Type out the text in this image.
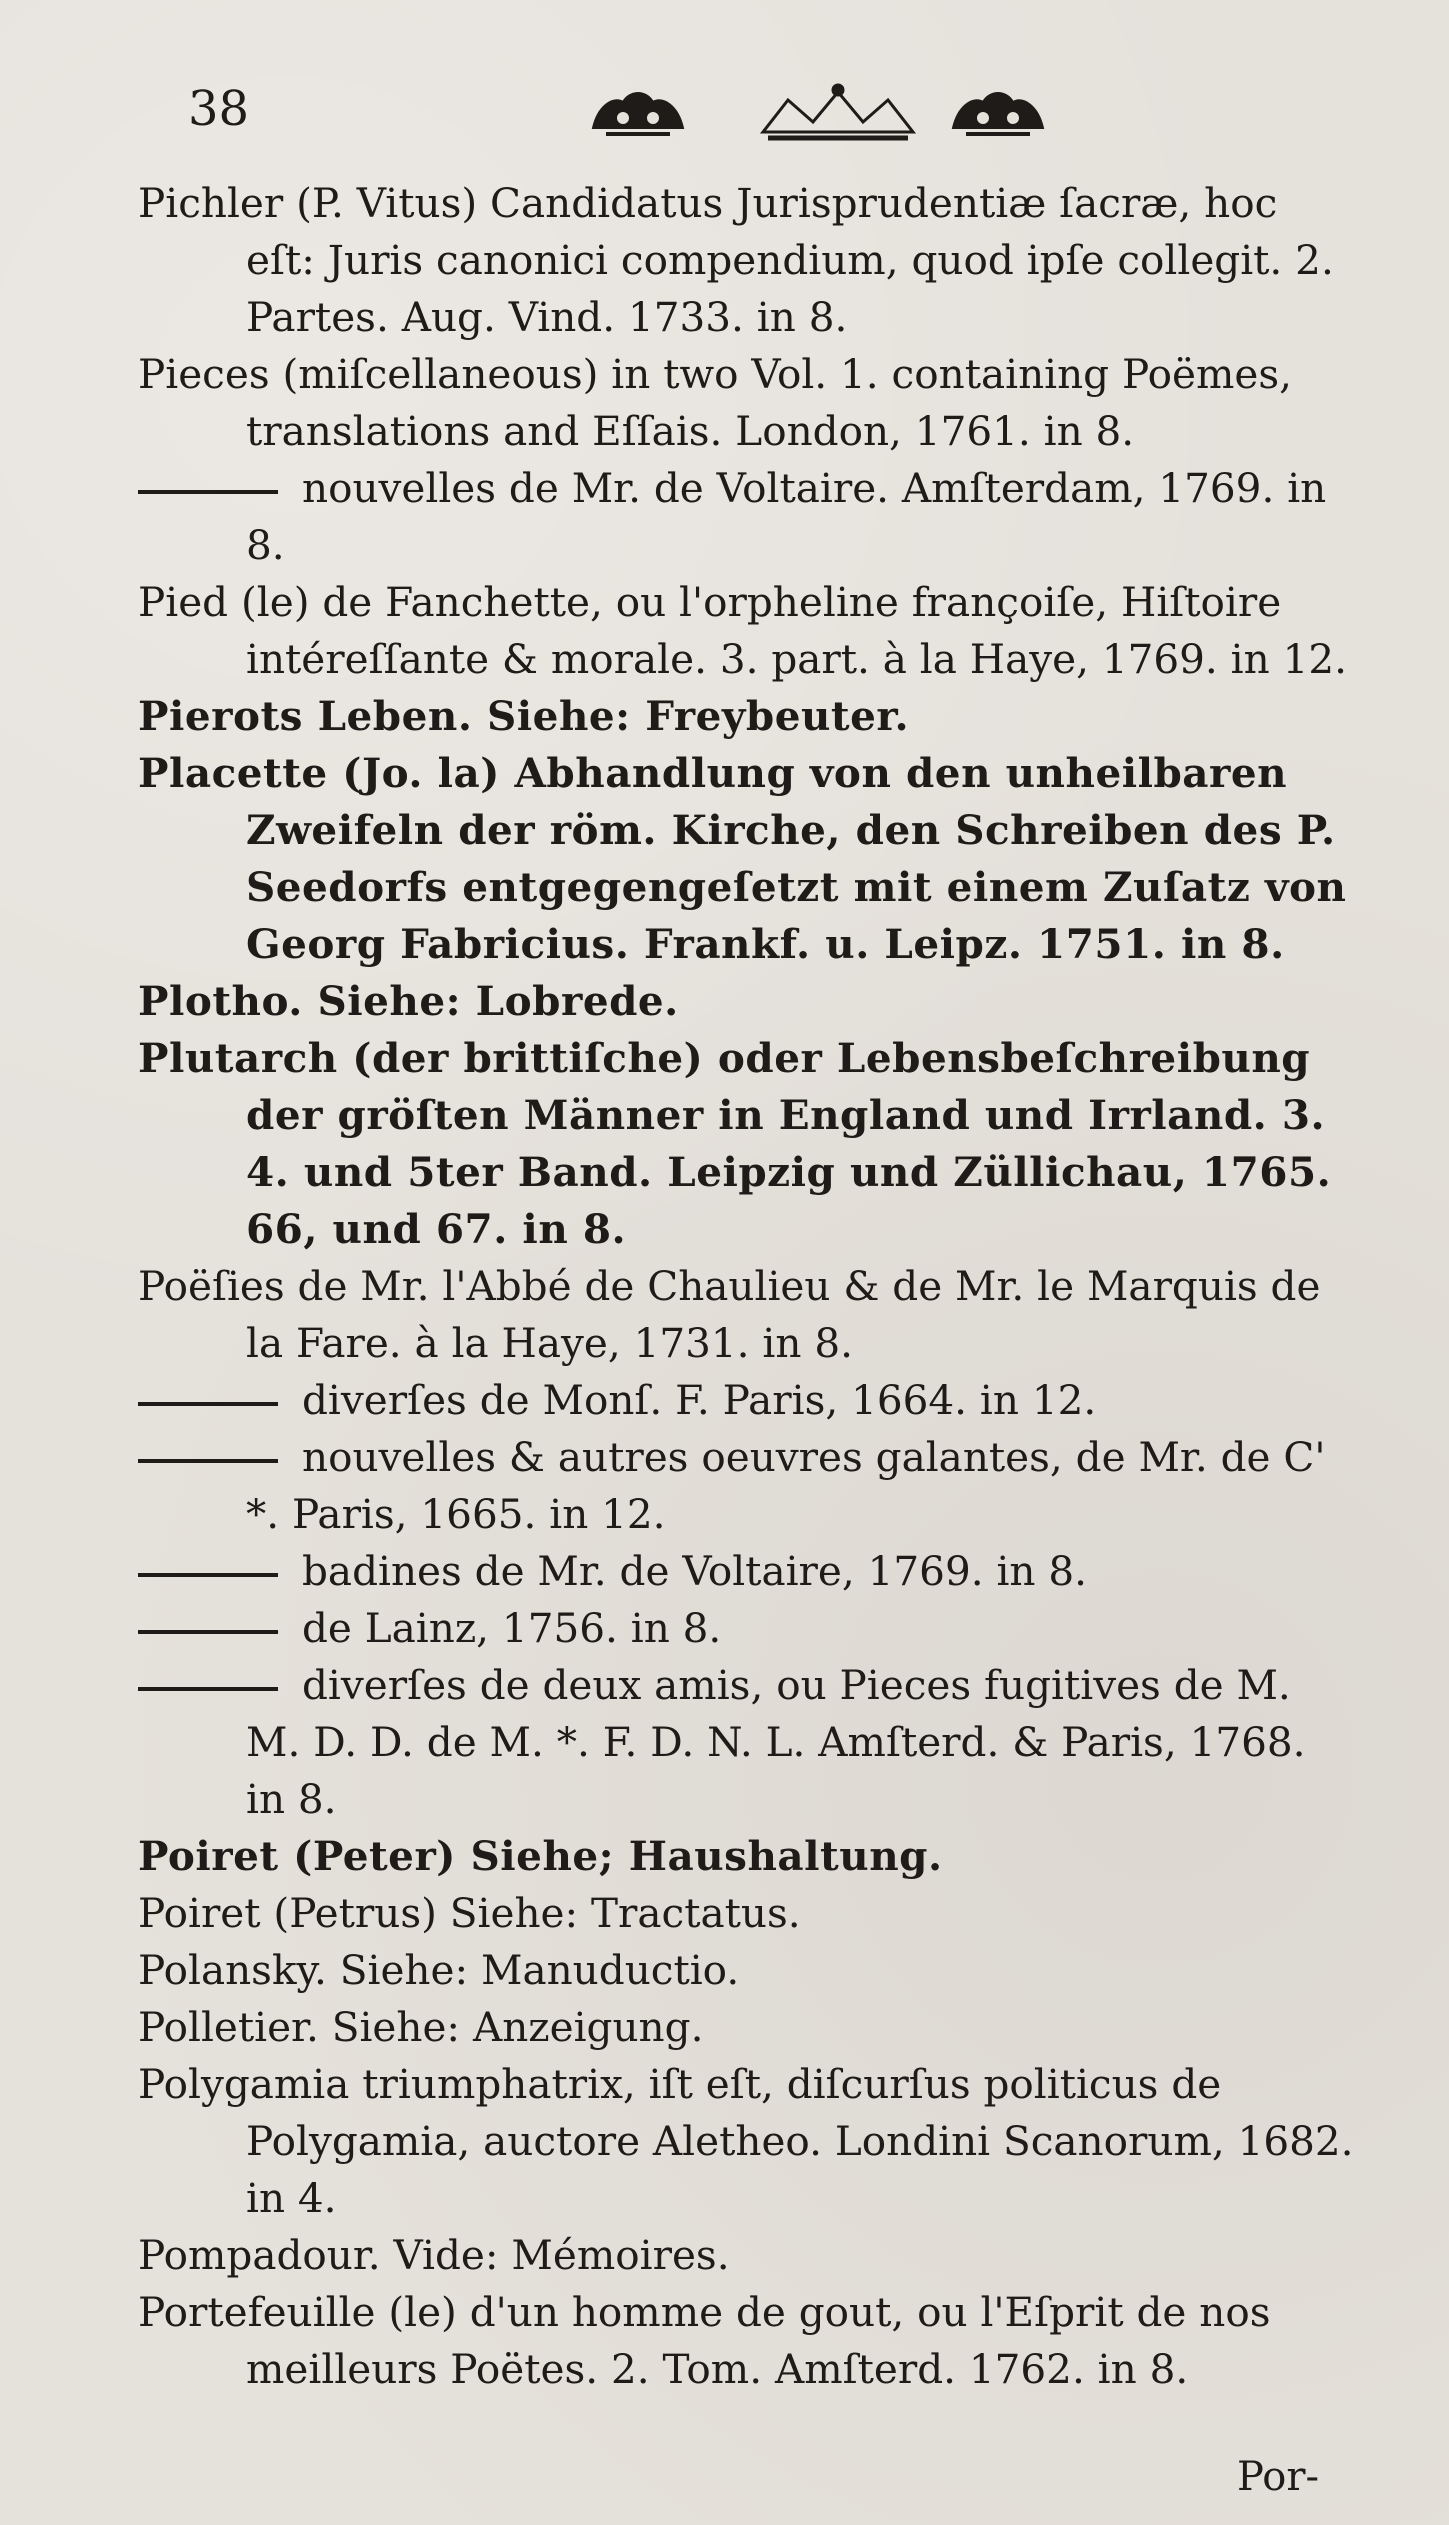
38
Pichler (P. Vitus) Candidatus Jurisprudentiæ ſacræ, hoc eſt: Juris canonici compendium, quod ipſe collegit. 2. Partes. Aug. Vind. 1733. in 8.
Pieces (miſcellaneous) in two Vol. 1. containing Poëmes, translations and Eſſais. London, 1761. in 8.
nouvelles de Mr. de Voltaire. Amſterdam, 1769. in 8.
Pied (le) de Fanchette, ou l'orpheline françoiſe, Hiſtoire intéreſſante & morale. 3. part. à la Haye, 1769. in 12.
Pierots Leben. Siehe: Freybeuter.
Placette (Jo. la) Abhandlung von den unheilbaren Zweifeln der röm. Kirche, den Schreiben des P. Seedorfs entgegengeſetzt mit einem Zuſatz von Georg Fabricius. Frankf. u. Leipz. 1751. in 8.
Plotho. Siehe: Lobrede.
Plutarch (der brittiſche) oder Lebensbeſchreibung der gröſten Männer in England und Irrland. 3. 4. und 5ter Band. Leipzig und Züllichau, 1765. 66, und 67. in 8.
Poëſies de Mr. l'Abbé de Chaulieu & de Mr. le Marquis de la Fare. à la Haye, 1731. in 8.
diverſes de Monſ. F. Paris, 1664. in 12.
nouvelles & autres oeuvres galantes, de Mr. de C' *. Paris, 1665. in 12.
badines de Mr. de Voltaire, 1769. in 8.
de Lainz, 1756. in 8.
diverſes de deux amis, ou Pieces fugitives de M. M. D. D. de M. *. F. D. N. L. Amſterd. & Paris, 1768. in 8.
Poiret (Peter) Siehe; Haushaltung.
Poiret (Petrus) Siehe: Tractatus.
Polansky. Siehe: Manuductio.
Polletier. Siehe: Anzeigung.
Polygamia triumphatrix, iſt eſt, diſcurſus politicus de Polygamia, auctore Aletheo. Londini Scanorum, 1682. in 4.
Pompadour. Vide: Mémoires.
Portefeuille (le) d'un homme de gout, ou l'Eſprit de nos meilleurs Poëtes. 2. Tom. Amſterd. 1762. in 8.
Por-
